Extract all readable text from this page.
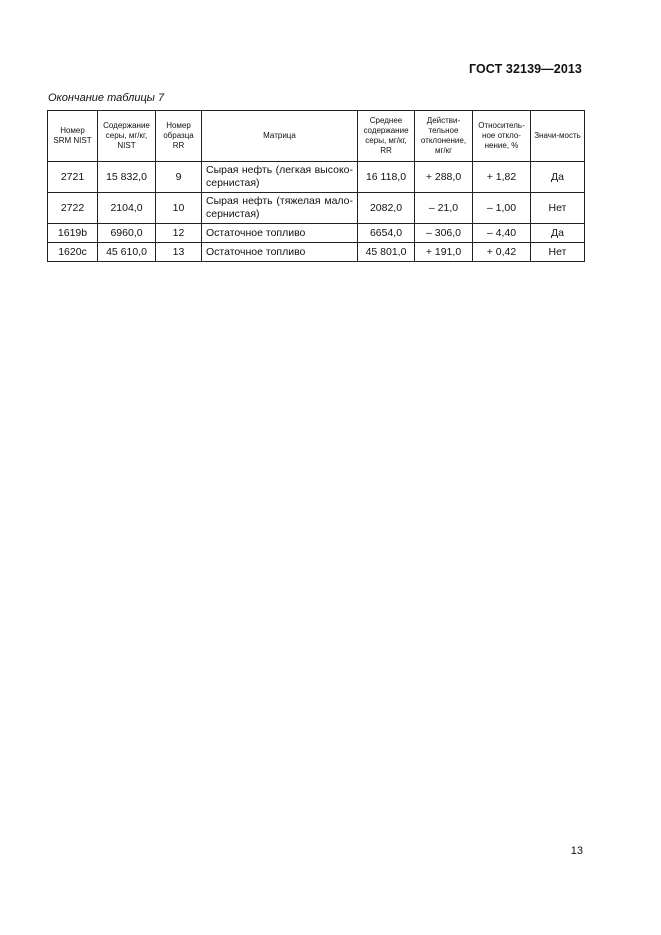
ГОСТ 32139—2013
Окончание таблицы 7
Номер SRM NIST	Содержание серы, мг/кг, NIST	Номер образца RR	Матрица	Среднее содержание серы, мг/кг, RR	Действи-тельное отклонение, мг/кг	Относитель-ное откло-нение, %	Значи-мость
2721	15 832,0	9	Сырая нефть (легкая высоко-сернистая)	16 118,0	+ 288,0	+ 1,82	Да
2722	2104,0	10	Сырая нефть (тяжелая мало-сернистая)	2082,0	– 21,0	– 1,00	Нет
1619b	6960,0	12	Остаточное топливо	6654,0	– 306,0	– 4,40	Да
1620c	45 610,0	13	Остаточное топливо	45 801,0	+ 191,0	+ 0,42	Нет
13
